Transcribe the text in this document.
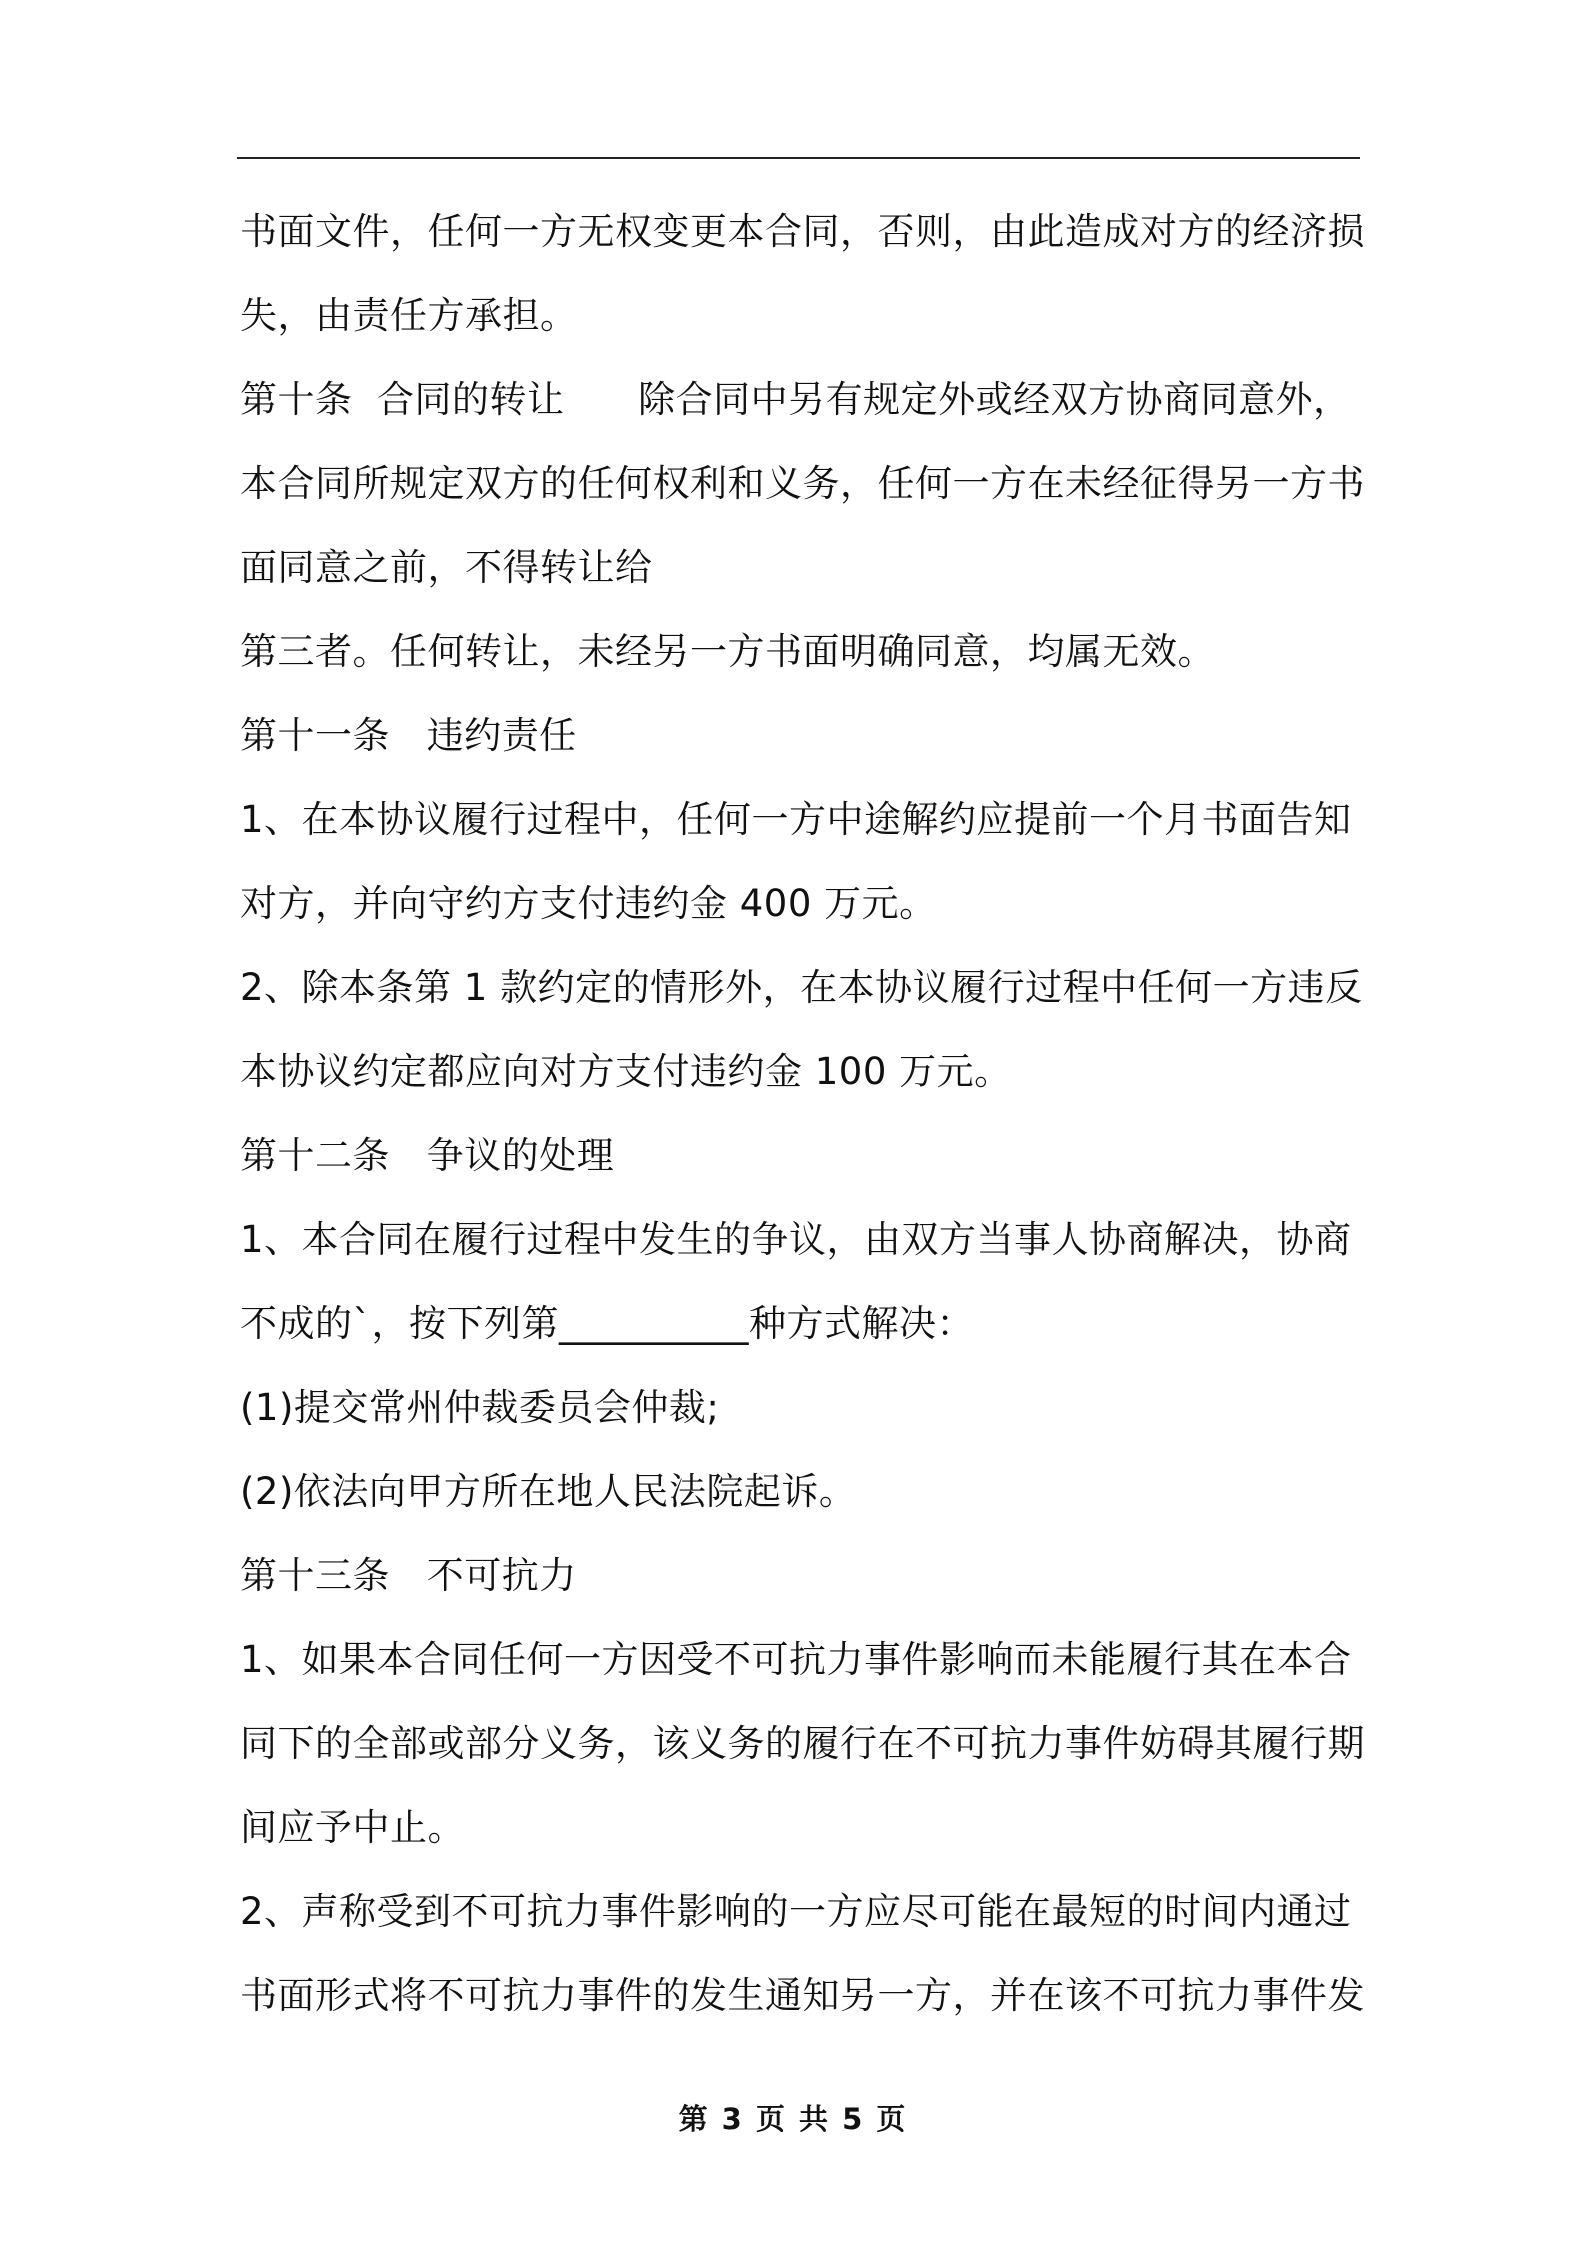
书面文件，任何一方无权变更本合同，否则，由此造成对方的经济损
失，由责任方承担。
第十条  合同的转让      除合同中另有规定外或经双方协商同意外，
本合同所规定双方的任何权利和义务，任何一方在未经征得另一方书
面同意之前，不得转让给
第三者。任何转让，未经另一方书面明确同意，均属无效。
第十一条   违约责任
1、在本协议履行过程中，任何一方中途解约应提前一个月书面告知
对方，并向守约方支付违约金 400 万元。
2、除本条第 1 款约定的情形外，在本协议履行过程中任何一方违反
本协议约定都应向对方支付违约金 100 万元。
第十二条   争议的处理
1、本合同在履行过程中发生的争议，由双方当事人协商解决，协商
不成的`，按下列第__________种方式解决：
(1)提交常州仲裁委员会仲裁;
(2)依法向甲方所在地人民法院起诉。
第十三条   不可抗力
1、如果本合同任何一方因受不可抗力事件影响而未能履行其在本合
同下的全部或部分义务，该义务的履行在不可抗力事件妨碍其履行期
间应予中止。
2、声称受到不可抗力事件影响的一方应尽可能在最短的时间内通过
书面形式将不可抗力事件的发生通知另一方，并在该不可抗力事件发
第 3 页 共 5 页
